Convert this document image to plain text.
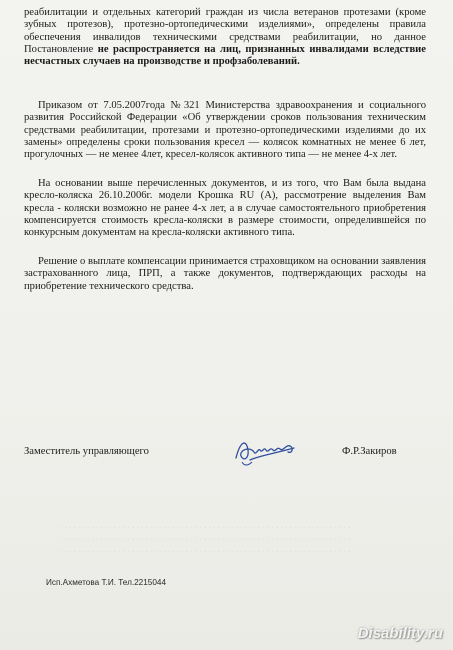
. . . . . . . . . . . . . . . . . . . . . . . . . . . . . . . . . . . . . . . . . . . . . . . . . . . . . . . . . . . . . . . . .
. . . . . . . . . . . . . . . . . . . . . . . . . . . . . . . . . . . . . . . . . . . . . . . . . . . . . . . . . . . . . . . . .
. . . . . . . . . . . . . . . . . . . . . . . . . . . . . . . . . . . . . . . . . . . . . . . . . . . . . . . . . . . . . . . . .

реабилитации и отдельных категорий граждан из числа ветеранов протезами (кроме зубных протезов), протезно-ортопедическими изделиями», определены правила обеспечения инвалидов техническими средствами реабилитации, но данное Постановление не распространяется на лиц, признанных инвалидами вследствие несчастных случаев на производстве и профзаболеваний.

Приказом от 7.05.2007года №321 Министерства здравоохранения и социального развития Российской Федерации «Об утверждении сроков пользования техническим средствами реабилитации, протезами и протезно-ортопедическими изделиями до их замены» определены сроки пользования кресел — колясок комнатных не менее 6 лет, прогулочных — не менее 4лет, кресел-колясок активного типа — не менее 4-х лет.

На основании выше перечисленных документов, и из того, что Вам была выдана кресло-коляска 26.10.2006г. модели Крошка RU (А), рассмотрение выделения Вам кресла - коляски возможно не ранее 4-х лет, а в случае самостоятельного приобретения компенсируется стоимость кресла-коляски в размере стоимости, определившейся по конкурсным документам на кресла-коляски активного типа.

Решение о выплате компенсации принимается страховщиком на основании заявления застрахованного лица, ПРП, а также документов, подтверждающих расходы на приобретение технического средства.

Заместитель управляющего	Ф.Р.Закиров
Исп.Ахметова Т.И. Тел.2215044
Disability.ru
